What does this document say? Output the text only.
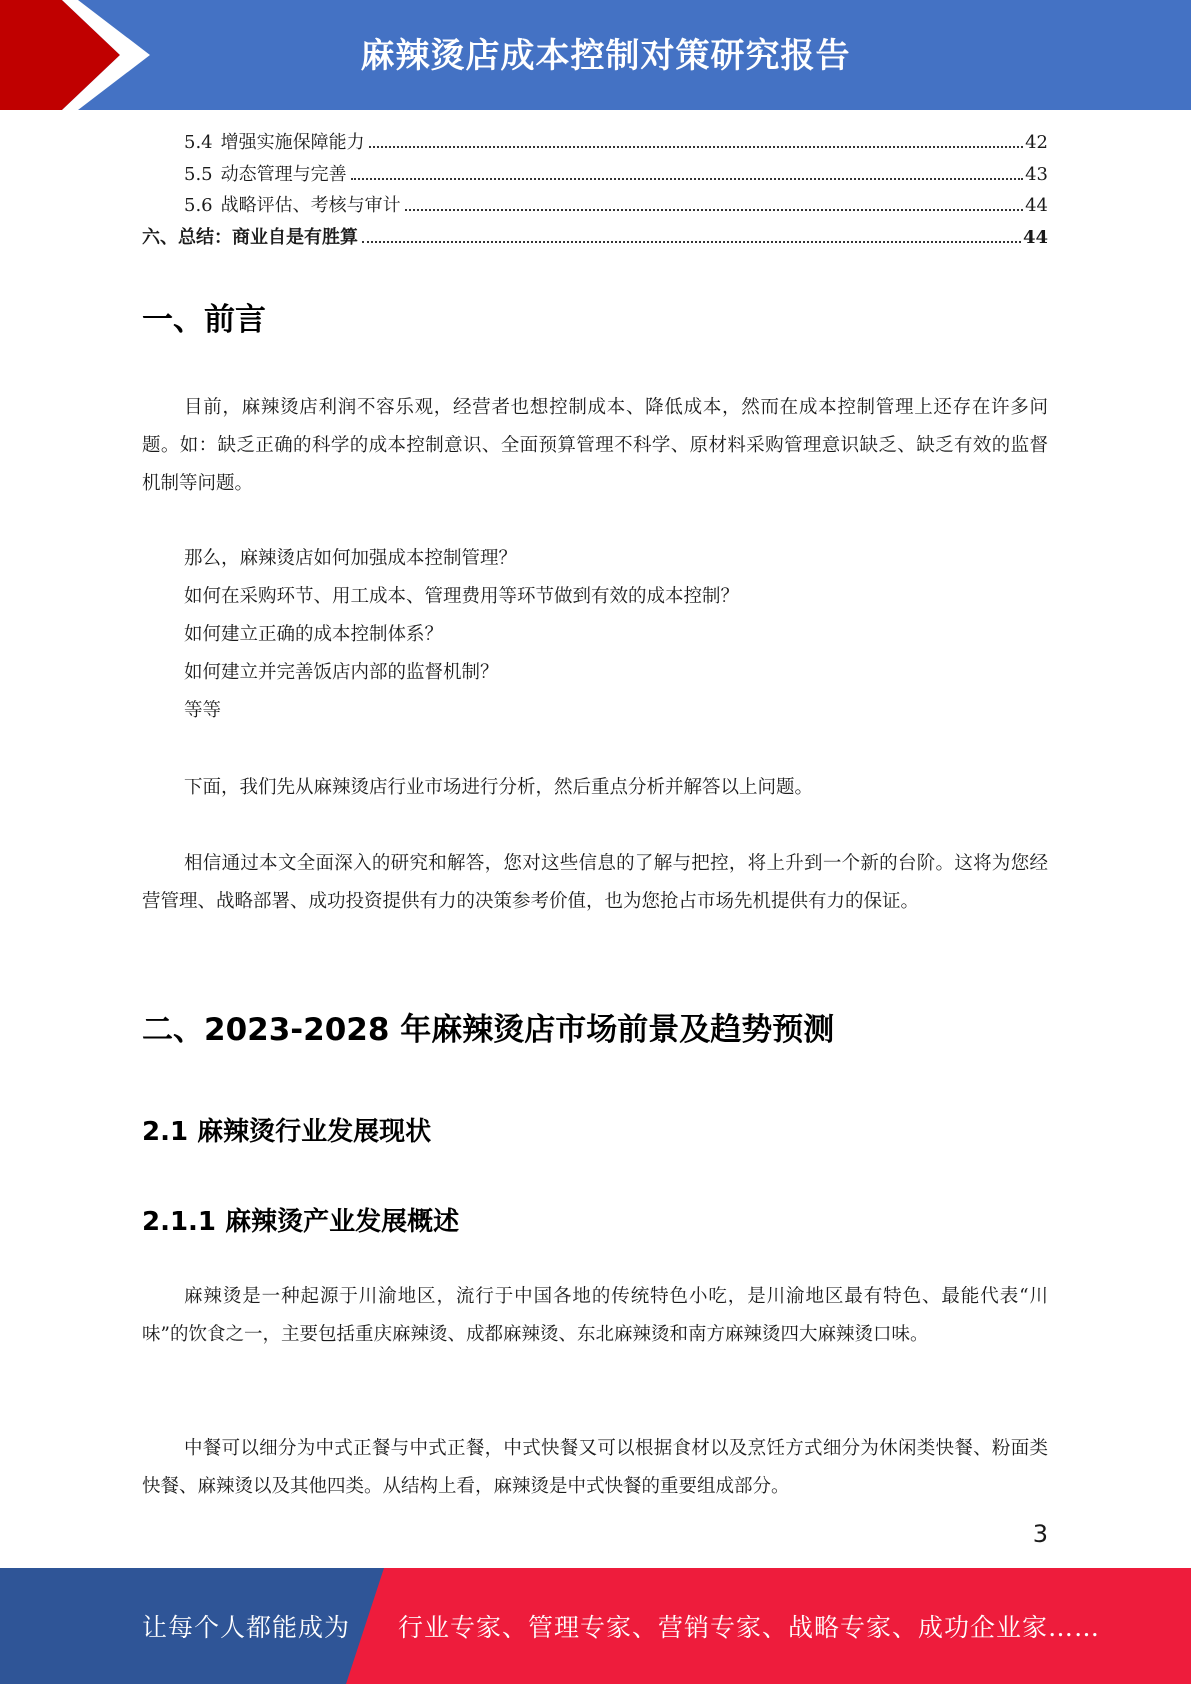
麻辣烫店成本控制对策研究报告
5.4 增强实施保障能力	42
5.5 动态管理与完善	43
5.6 战略评估、考核与审计	44
六、总结：商业自是有胜算	44
一、前言

目前，麻辣烫店利润不容乐观，经营者也想控制成本、降低成本，然而在成本控制管理上还存在许多问题。如：缺乏正确的科学的成本控制意识、全面预算管理不科学、原材料采购管理意识缺乏、缺乏有效的监督机制等问题。

那么，麻辣烫店如何加强成本控制管理？
如何在采购环节、用工成本、管理费用等环节做到有效的成本控制？
如何建立正确的成本控制体系？
如何建立并完善饭店内部的监督机制？
等等

下面，我们先从麻辣烫店行业市场进行分析，然后重点分析并解答以上问题。

相信通过本文全面深入的研究和解答，您对这些信息的了解与把控，将上升到一个新的台阶。这将为您经营管理、战略部署、成功投资提供有力的决策参考价值，也为您抢占市场先机提供有力的保证。

二、2023-2028 年麻辣烫店市场前景及趋势预测
2.1 麻辣烫行业发展现状
2.1.1 麻辣烫产业发展概述

麻辣烫是一种起源于川渝地区，流行于中国各地的传统特色小吃，是川渝地区最有特色、最能代表“川味”的饮食之一，主要包括重庆麻辣烫、成都麻辣烫、东北麻辣烫和南方麻辣烫四大麻辣烫口味。

中餐可以细分为中式正餐与中式正餐，中式快餐又可以根据食材以及烹饪方式细分为休闲类快餐、粉面类快餐、麻辣烫以及其他四类。从结构上看，麻辣烫是中式快餐的重要组成部分。

3
让每个人都能成为 行业专家、管理专家、营销专家、战略专家、成功企业家……
